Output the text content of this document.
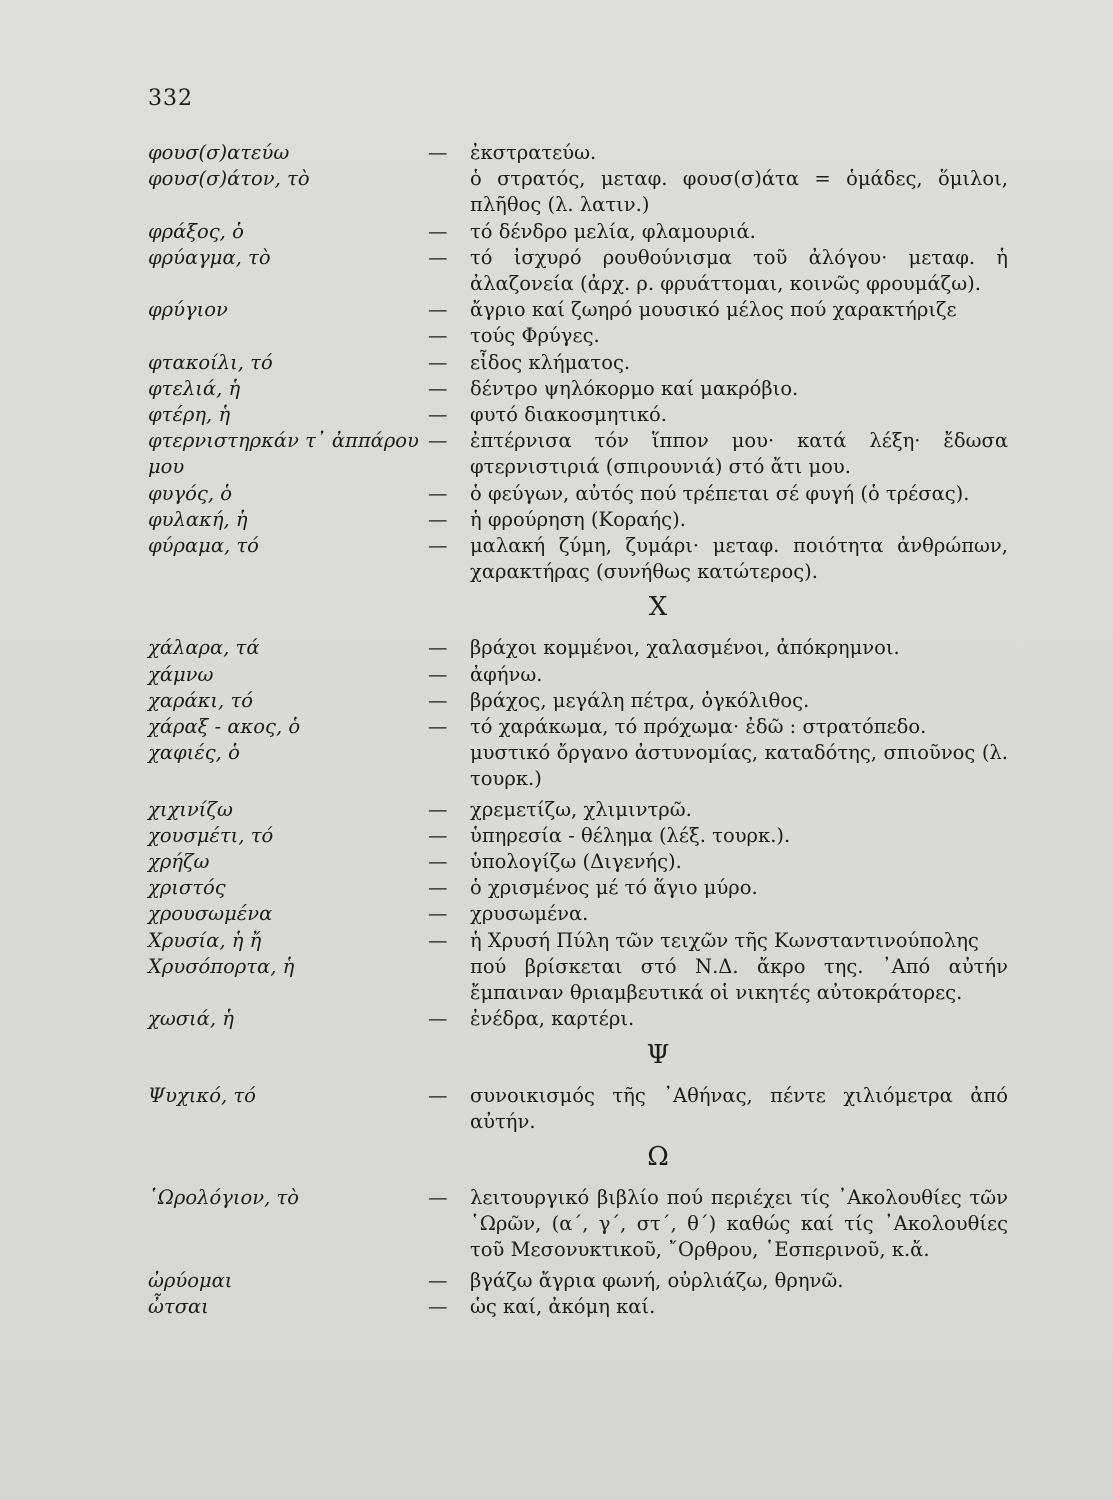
332
φουσ(σ)ατεύω	— ἐκστρατεύω.
φουσ(σ)άτον, τὸ	ὁ στρατός, μεταφ. φουσ(σ)άτα = ὁμάδες, ὅμιλοι, πλῆθος (λ. λατιν.)
φράξος, ὁ	— τό δένδρο μελία, φλαμουριά.
φρύαγμα, τὸ	— τό ἰσχυρό ρουθούνισμα τοῦ ἀλόγου· μεταφ. ἡ ἀλαζονεία (ἀρχ. ρ. φρυάττομαι, κοινῶς φρουμάζω).
φρύγιον	— ἄγριο καί ζωηρό μουσικό μέλος πού χαρακτήριζε
— τούς Φρύγες.
φτακοίλι, τό	— εἶδος κλήματος.
φτελιά, ἡ	— δέντρο ψηλόκορμο καί μακρόβιο.
φτέρη, ἡ	— φυτό διακοσμητικό.
φτερνιστηρκάν τ᾿ ἀππάρου μου
— ἐπτέρνισα τόν ἵππον μου· κατά λέξη· ἔδωσα φτερνιστιριά (σπιρουνιά) στό ἄτι μου.
φυγός, ὁ	— ὁ φεύγων, αὐτός πού τρέπεται σέ φυγή (ὁ τρέσας).
φυλακή, ἡ	— ἡ φρούρηση (Κοραής).
φύραμα, τό	— μαλακή ζύμη, ζυμάρι· μεταφ. ποιότητα ἀνθρώπων, χαρακτήρας (συνήθως κατώτερος).
Χ
χάλαρα, τά	— βράχοι κομμένοι, χαλασμένοι, ἀπόκρημνοι.
χάμνω	— ἀφήνω.
χαράκι, τό	— βράχος, μεγάλη πέτρα, ὀγκόλιθος.
χάραξ - ακος, ὁ	— τό χαράκωμα, τό πρόχωμα· ἐδῶ : στρατόπεδο.
χαφιές, ὁ	μυστικό ὄργανο ἀστυνομίας, καταδότης, σπιοῦνος (λ. τουρκ.)
χιχινίζω	— χρεμετίζω, χλιμιντρῶ.
χουσμέτι, τό	— ὑπηρεσία - θέλημα (λέξ. τουρκ.).
χρήζω	— ὑπολογίζω (Διγενής).
χριστός	— ὁ χρισμένος μέ τό ἅγιο μύρο.
χρουσωμένα	— χρυσωμένα.
Χρυσία, ἡ ἤ	— ἡ Χρυσή Πύλη τῶν τειχῶν τῆς Κωνσταντινούπολης
Χρυσόπορτα, ἡ	πού βρίσκεται στό Ν.Δ. ἄκρο της. ᾿Από αὐτήν ἔμπαιναν θριαμβευτικά οἱ νικητές αὐτοκράτορες.
χωσιά, ἡ	— ἐνέδρα, καρτέρι.
Ψ
Ψυχικό, τό	— συνοικισμός τῆς ᾿Αθήνας, πέντε χιλιόμετρα ἀπό αὐτήν.
Ω
῾Ωρολόγιον, τὸ	— λειτουργικό βιβλίο πού περιέχει τίς ᾿Ακολουθίες τῶν ῾Ωρῶν, (α΄, γ΄, στ΄, θ΄) καθώς καί τίς ᾿Ακολουθίες τοῦ Μεσονυκτικοῦ, ῎Ορθρου, ῾Εσπερινοῦ, κ.ἄ.
ὠρύομαι	— βγάζω ἄγρια φωνή, οὐρλιάζω, θρηνῶ.
ὦτσαι	— ὡς καί, ἀκόμη καί.
